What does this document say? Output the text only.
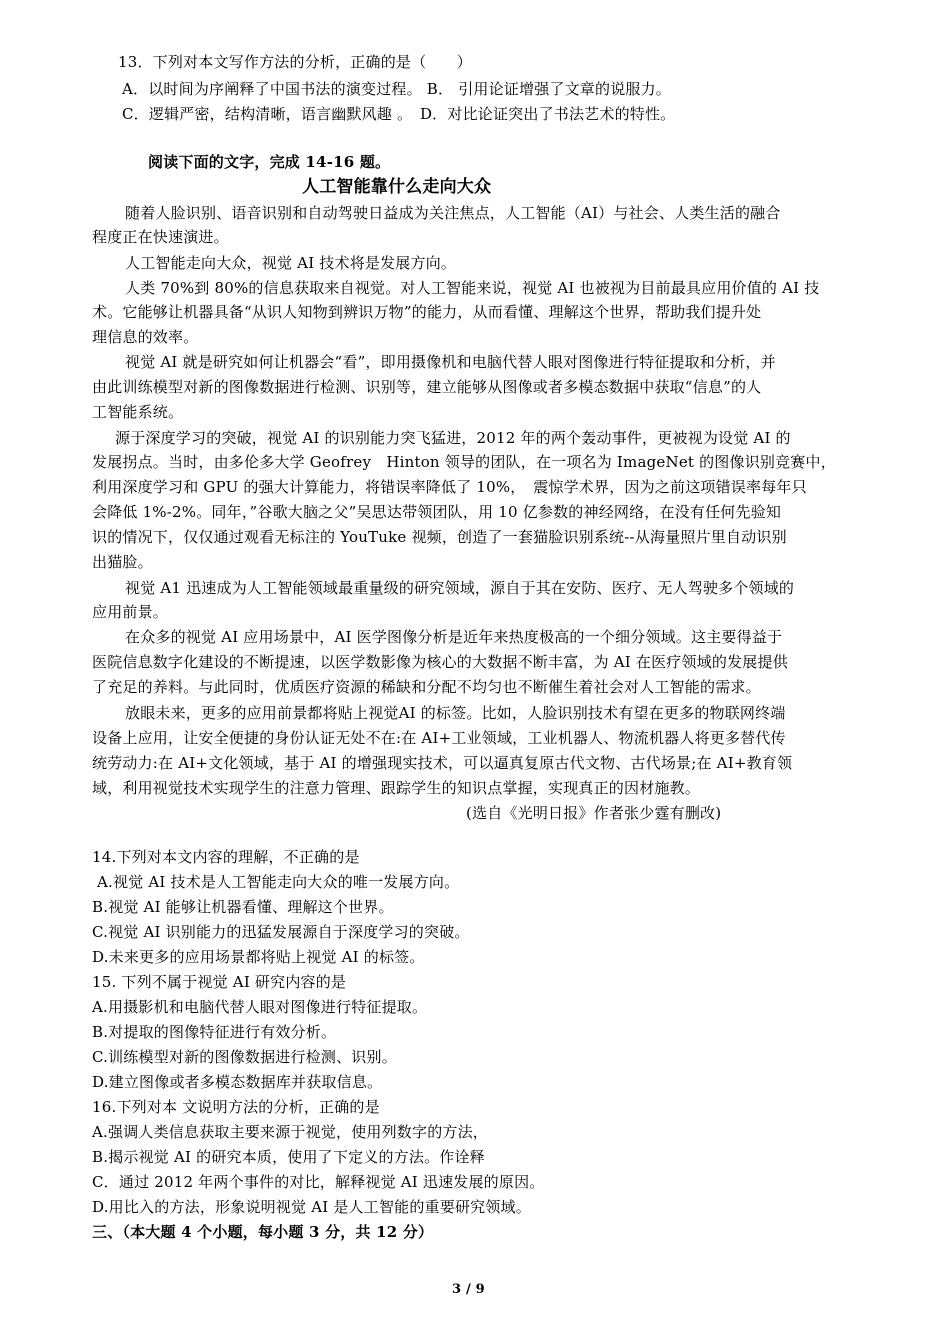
13．下列对本文写作方法的分析，正确的是（　　）
A．以时间为序阐释了中国书法的演变过程。 B． 引用论证增强了文章的说服力。
C．逻辑严密，结构清晰，语言幽默风趣 。　D．对比论证突出了书法艺术的特性。
阅读下面的文字，完成 14-16 题。
人工智能靠什么走向大众
随着人脸识别、语音识别和自动驾驶日益成为关注焦点，人工智能（AI）与社会、人类生活的融合
程度正在快速演进。
人工智能走向大众，视觉 AI 技术将是发展方向。
人类 70%到 80%的信息获取来自视觉。对人工智能来说，视觉 AI 也被视为目前最具应用价值的 AI 技
术。它能够让机器具备“从识人知物到辨识万物”的能力，从而看懂、理解这个世界，帮助我们提升处
理信息的效率。
视觉 AI 就是研究如何让机器会“看”，即用摄像机和电脑代替人眼对图像进行特征提取和分析，并
由此训练模型对新的图像数据进行检测、识别等，建立能够从图像或者多模态数据中获取“信息”的人
工智能系统。
源于深度学习的突破，视觉 AI 的识别能力突飞猛进，2012 年的两个轰动事件，更被视为设觉 AI 的
发展拐点。当时，由多伦多大学 Geofrey　Hinton 领导的团队，在一项名为 ImageNet 的图像识别竞赛中，
利用深度学习和 GPU 的强大计算能力，将错误率降低了 10%，　震惊学术界，因为之前这项错误率每年只
会降低 1%-2%。同年，”谷歌大脑之父”吴思达带领团队，用 10 亿参数的神经网络，在没有任何先验知
识的情况下，仅仅通过观看无标注的 YouTuke 视频，创造了一套猫脸识别系统--从海量照片里自动识别
出猫脸。
视觉 A1 迅速成为人工智能领域最重量级的研究领域，源自于其在安防、医疗、无人驾驶多个领域的
应用前景。
在众多的视觉 AI 应用场景中，AI 医学图像分析是近年来热度极高的一个细分领域。这主要得益于
医院信息数字化建设的不断提速，以医学数影像为核心的大数据不断丰富，为 AI 在医疗领域的发展提供
了充足的养料。与此同时，优质医疗资源的稀缺和分配不均匀也不断催生着社会对人工智能的需求。
放眼未来，更多的应用前景都将贴上视觉AI 的标签。比如，人脸识别技术有望在更多的物联网终端
设备上应用，让安全便捷的身份认证无处不在:在 AI+工业领域，工业机器人、物流机器人将更多替代传
统劳动力:在 AI+文化领域，基于 AI 的增强现实技术，可以逼真复原古代文物、古代场景;在 AI+教育领
域，利用视觉技术实现学生的注意力管理、跟踪学生的知识点掌握，实现真正的因材施教。
(选自《光明日报》作者张少霆有删改)
14.下列对本文内容的理解，不正确的是
A.视觉 AI 技术是人工智能走向大众的唯一发展方向。
B.视觉 AI 能够让机器看懂、理解这个世界。
C.视觉 AI 识别能力的迅猛发展源自于深度学习的突破。
D.未来更多的应用场景都将贴上视觉 AI 的标签。
15. 下列不属于视觉 AI 研究内容的是
A.用摄影机和电脑代替人眼对图像进行特征提取。
B.对提取的图像特征进行有效分析。
C.训练模型对新的图像数据进行检测、识别。
D.建立图像或者多模态数据库并获取信息。
16.下列对本 文说明方法的分析，正确的是
A.强调人类信息获取主要来源于视觉，使用列数字的方法，
B.揭示视觉 AI 的研究本质，使用了下定义的方法。作诠释
C．通过 2012 年两个事件的对比，解释视觉 AI 迅速发展的原因。
D.用比入的方法，形象说明视觉 AI 是人工智能的重要研究领域。
三、（本大题 4 个小题，每小题 3 分，共 12 分）
3 / 9
